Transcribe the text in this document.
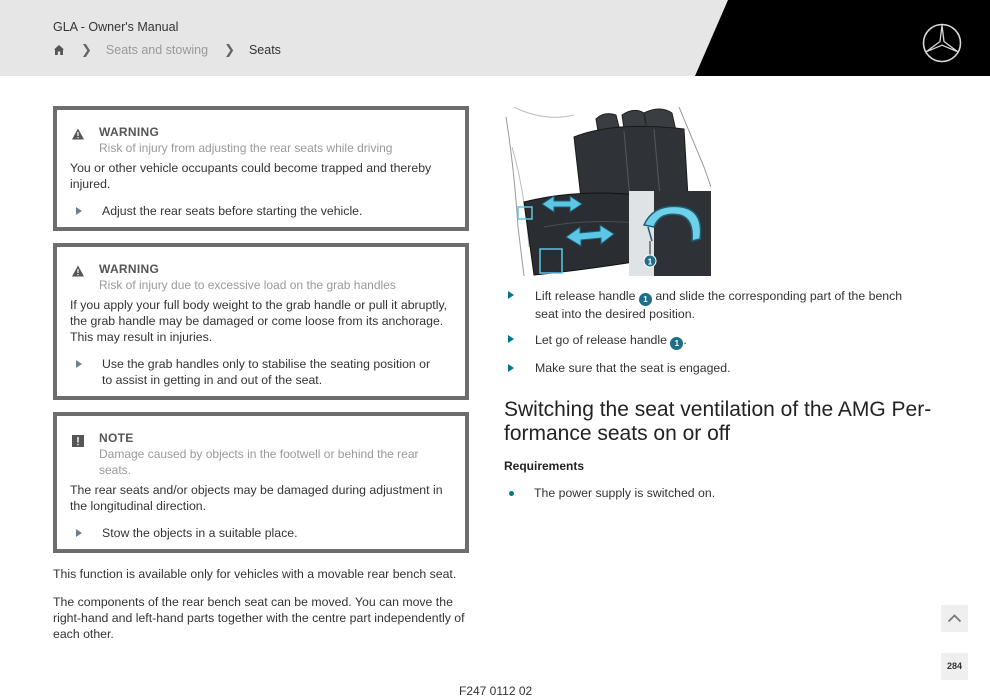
GLA - Owner's Manual
❯ Seats and stowing ❯ Seats
WARNING
Risk of injury from adjusting the rear seats while driving
You or other vehicle occupants could become trapped and thereby injured.
Adjust the rear seats before starting the vehicle.
WARNING
Risk of injury due to excessive load on the grab handles
If you apply your full body weight to the grab handle or pull it abruptly, the grab handle may be damaged or come loose from its anchorage. This may result in injuries.
Use the grab handles only to stabilise the seating position or to assist in getting in and out of the seat.
NOTE
Damage caused by objects in the footwell or behind the rear seats.
The rear seats and/or objects may be damaged during adjustment in the longitudinal direction.
Stow the objects in a suitable place.
This function is available only for vehicles with a movable rear bench seat.
The components of the rear bench seat can be moved. You can move the right-hand and left-hand parts together with the centre part independently of each other.
1
Lift release handle 1 and slide the corresponding part of the bench seat into the desired position.
Let go of release handle 1 .
Make sure that the seat is engaged.
Switching the seat ventilation of the AMG Per-formance seats on or off
Requirements
The power supply is switched on.
284
F247 0112 02
